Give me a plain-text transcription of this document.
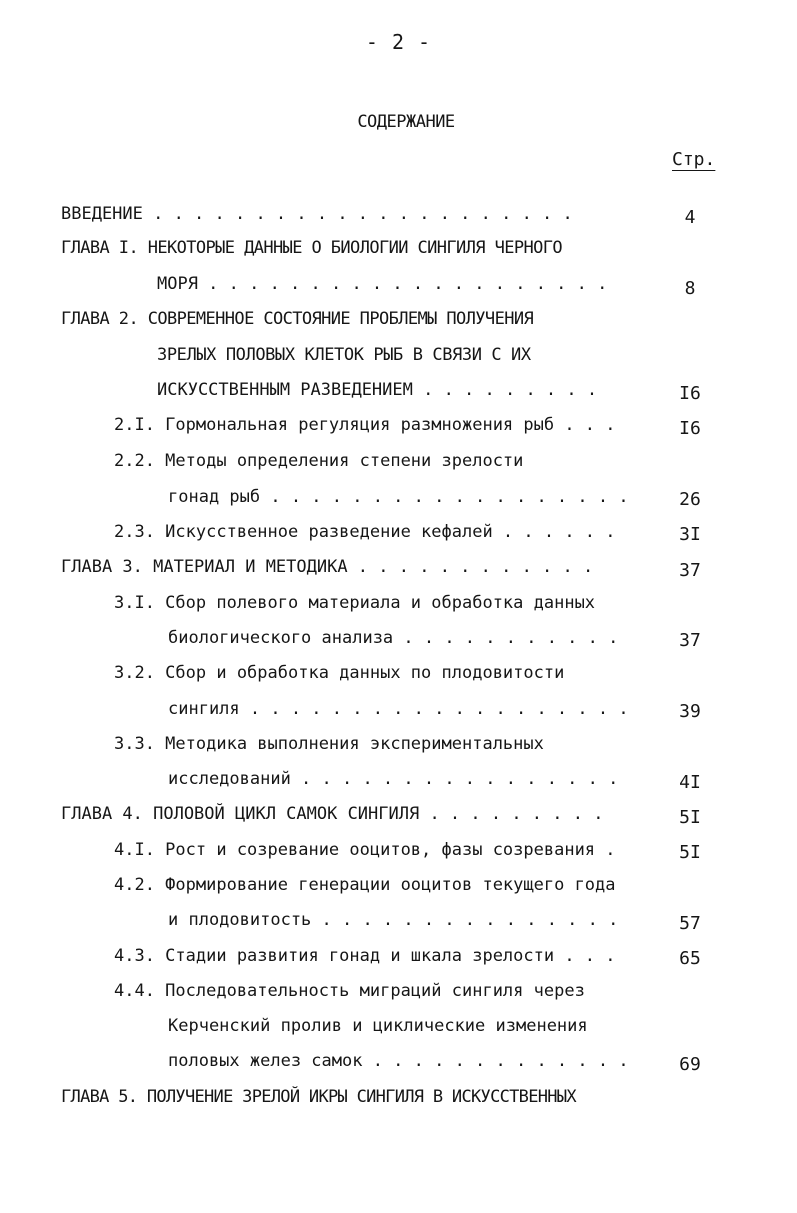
- 2 -
СОДЕРЖАНИЕ
Стр.
ВВЕДЕНИЕ . . . . . . . . . . . . . . . . . . . . .	4
ГЛАВА I. НЕКОТОРЫЕ ДАННЫЕ О БИОЛОГИИ СИНГИЛЯ ЧЕРНОГО
МОРЯ . . . . . . . . . . . . . . . . . . . .	8
ГЛАВА 2. СОВРЕМЕННОЕ СОСТОЯНИЕ ПРОБЛЕМЫ ПОЛУЧЕНИЯ
ЗРЕЛЫХ ПОЛОВЫХ КЛЕТОК РЫБ В СВЯЗИ С ИХ
ИСКУССТВЕННЫМ РАЗВЕДЕНИЕМ . . . . . . . . .	I6
2.I. Гормональная регуляция размножения рыб . . .	I6
2.2. Методы определения степени зрелости
гонад рыб . . . . . . . . . . . . . . . . . .	26
2.3. Искусственное разведение кефалей . . . . . .	3I
ГЛАВА 3. МАТЕРИАЛ И МЕТОДИКА . . . . . . . . . . . .	37
3.I. Сбор полевого материала и обработка данных
биологического анализа . . . . . . . . . . .	37
3.2. Сбор и обработка данных по плодовитости
сингиля . . . . . . . . . . . . . . . . . . .	39
3.3. Методика выполнения экспериментальных
исследований . . . . . . . . . . . . . . . .	4I
ГЛАВА 4. ПОЛОВОЙ ЦИКЛ САМОК СИНГИЛЯ . . . . . . . . .	5I
4.I. Рост и созревание ооцитов, фазы созревания .	5I
4.2. Формирование генерации ооцитов текущего года
и плодовитость . . . . . . . . . . . . . . .	57
4.3. Стадии развития гонад и шкала зрелости . . .	65
4.4. Последовательность миграций сингиля через
Керченский пролив и циклические изменения
половых желез самок . . . . . . . . . . . . .	69
ГЛАВА 5. ПОЛУЧЕНИЕ ЗРЕЛОЙ ИКРЫ СИНГИЛЯ В ИСКУССТВЕННЫХ
